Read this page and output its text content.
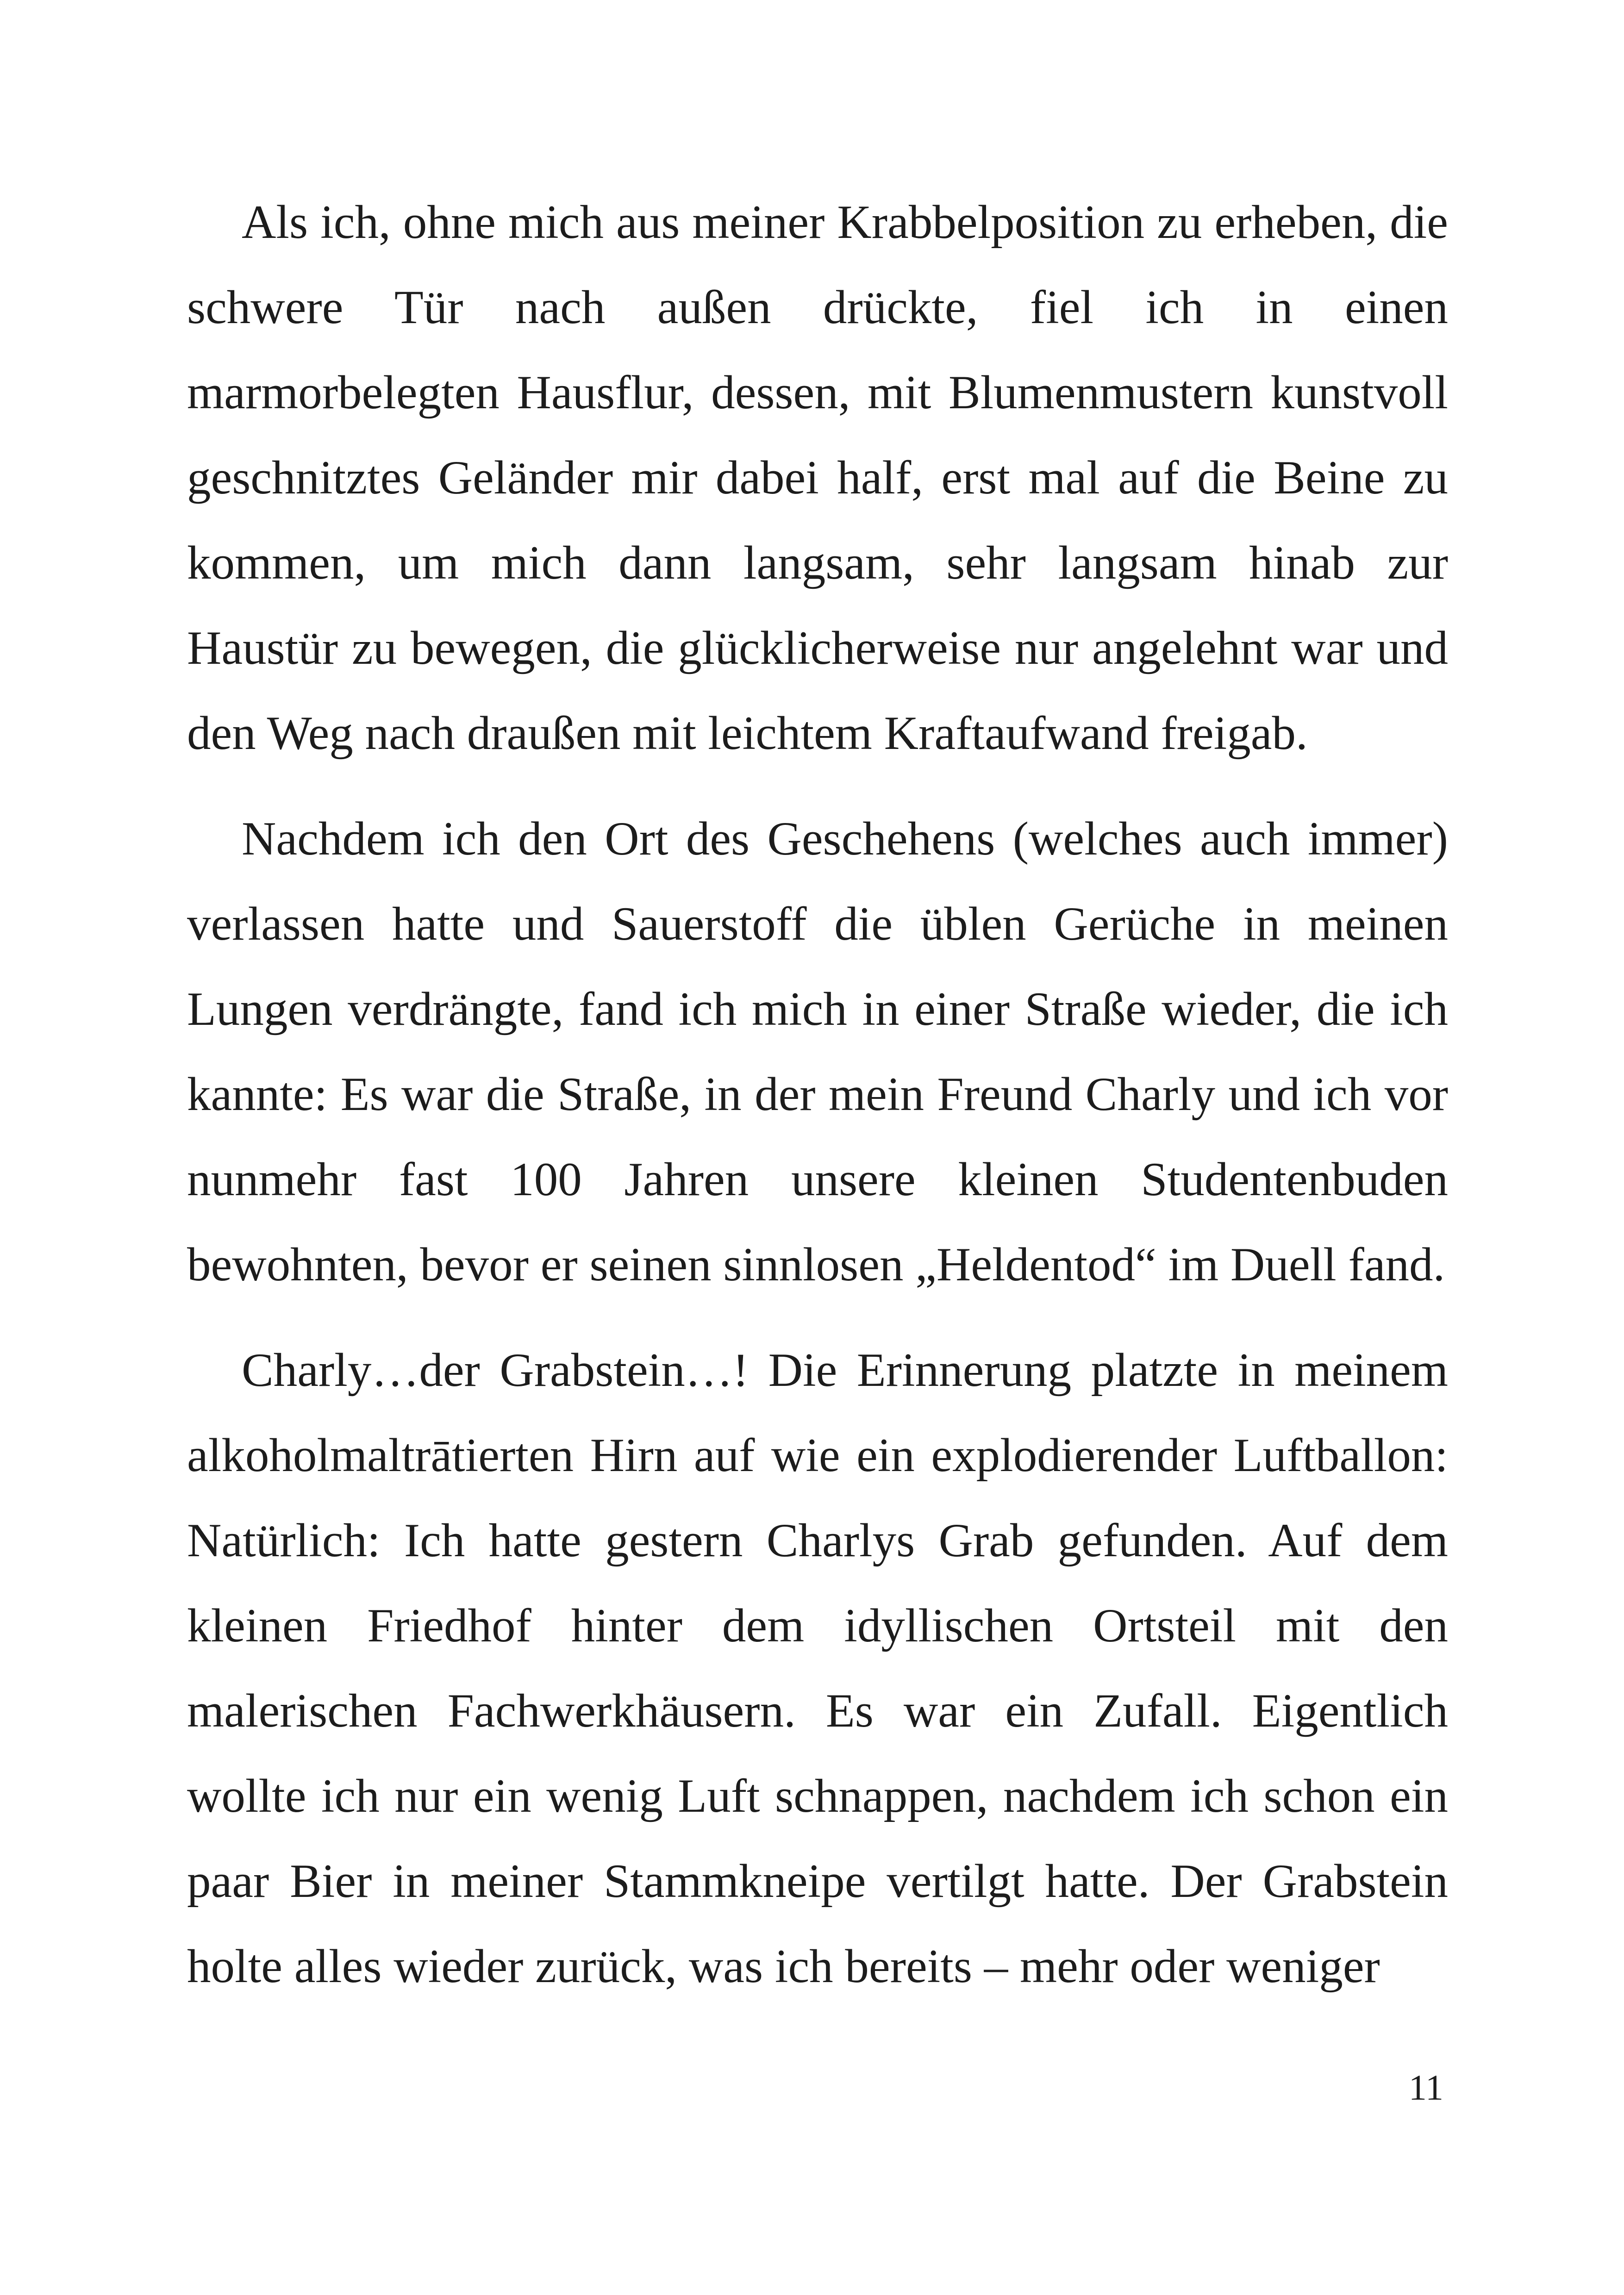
Als ich, ohne mich aus meiner Krabbelposition zu erheben, die schwere Tür nach außen drückte, fiel ich in einen marmorbelegten Hausflur, dessen, mit Blumenmustern kunstvoll geschnitztes Geländer mir dabei half, erst mal auf die Beine zu kommen, um mich dann langsam, sehr langsam hinab zur Haustür zu bewegen, die glücklicherweise nur angelehnt war und den Weg nach draußen mit leichtem Kraftaufwand freigab.

Nachdem ich den Ort des Geschehens (welches auch immer) verlassen hatte und Sauerstoff die üblen Gerüche in meinen Lungen verdrängte, fand ich mich in einer Straße wieder, die ich kannte: Es war die Straße, in der mein Freund Charly und ich vor nunmehr fast 100 Jahren unsere kleinen Studentenbuden bewohnten, bevor er seinen sinnlosen „Heldentod“ im Duell fand.

Charly…der Grabstein…! Die Erinnerung platzte in meinem alkoholmaltrātierten Hirn auf wie ein explodierender Luftballon: Natürlich: Ich hatte gestern Charlys Grab gefunden. Auf dem kleinen Friedhof hinter dem idyllischen Ortsteil mit den malerischen Fachwerkhäusern. Es war ein Zufall. Eigentlich wollte ich nur ein wenig Luft schnappen, nachdem ich schon ein paar Bier in meiner Stammkneipe vertilgt hatte. Der Grabstein holte alles wieder zurück, was ich bereits – mehr oder weniger

11
